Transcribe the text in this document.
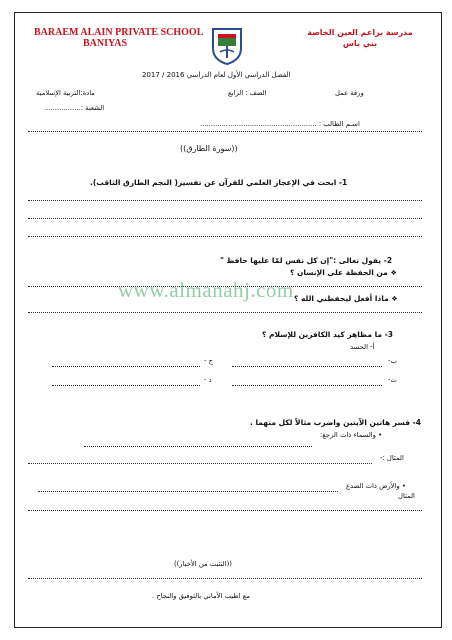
BARAEM ALAIN PRIVATE SCHOOL
BANIYAS
مدرسة براعم العين الخاصة
بني ياس
الفصل الدراسي الأول لعام الدراسي 2016 / 2017
ورقة عمل
الصف : الرابع
مادة:التربية الإسلامية
الشعبة :.................
اسـم الطالب : ......................................................
((سورة الطارق))
1- ابحث في الإعجاز العلمي للقرآن عن تفسير( النجم الطارق الثاقب).
2- يقول تعالى :"إن كل نفس لمّا عليها حافظ "
❖ من الحفظة على الإنسان ؟
❖ ماذا أفعل ليحفظني الله ؟
www.almanahj.com
3- ما مظاهر كيد الكافرين للإسلام ؟
أ- الحسد
ب-
ج -
ت-
د -
4- فسر هاتين الآيتين واضرب مثالاً لكل منهما .
• والسماء ذات الرجع:
المثال :-
• والأرض ذات الصدع
المثال
((التثبت من الأخبار))
مع اطيب الأماني بالتوفيق والنجاح .
